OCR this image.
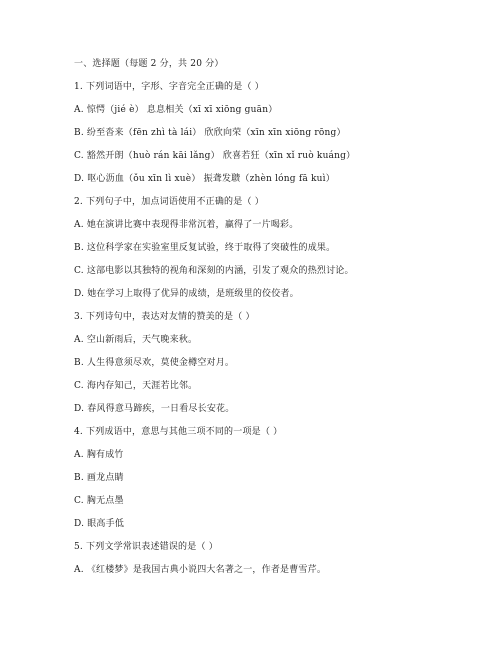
一、选择题（每题 2 分，共 20 分）
1. 下列词语中，字形、字音完全正确的是（ ）
A. 惊愕（jié è） 息息相关（xī xī xiōng guān）
B. 纷至沓来（fēn zhì tà lái） 欣欣向荣（xīn xīn xiōng rōng）
C. 豁然开朗（huò rán kāi lǎng） 欣喜若狂（xīn xǐ ruò kuáng）
D. 呕心沥血（ǒu xīn lì xuè） 振聋发聩（zhèn lóng fā kuì）
2. 下列句子中，加点词语使用不正确的是（ ）
A. 她在演讲比赛中表现得非常沉着，赢得了一片喝彩。
B. 这位科学家在实验室里反复试验，终于取得了突破性的成果。
C. 这部电影以其独特的视角和深刻的内涵，引发了观众的热烈讨论。
D. 她在学习上取得了优异的成绩，是班级里的佼佼者。
3. 下列诗句中，表达对友情的赞美的是（ ）
A. 空山新雨后，天气晚来秋。
B. 人生得意须尽欢，莫使金樽空对月。
C. 海内存知己，天涯若比邻。
D. 春风得意马蹄疾，一日看尽长安花。
4. 下列成语中，意思与其他三项不同的一项是（ ）
A. 胸有成竹
B. 画龙点睛
C. 胸无点墨
D. 眼高手低
5. 下列文学常识表述错误的是（ ）
A. 《红楼梦》是我国古典小说四大名著之一，作者是曹雪芹。
